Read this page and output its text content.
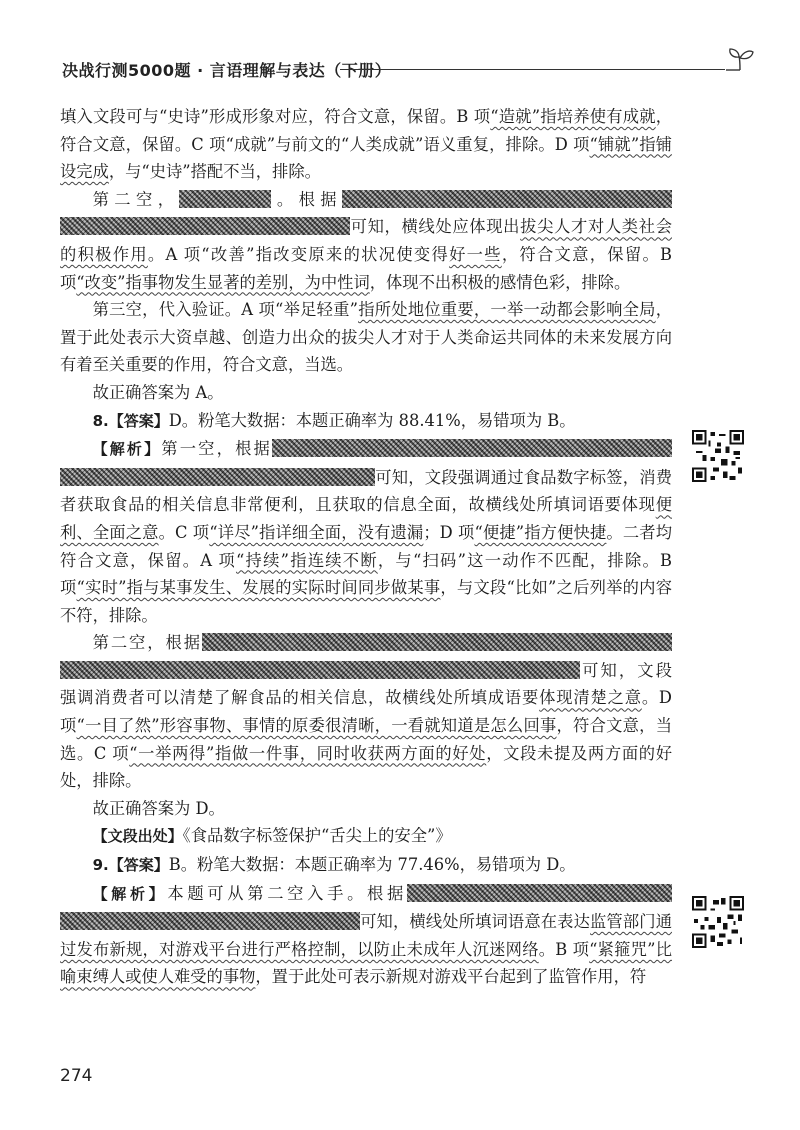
决战行测5000题 · 言语理解与表达（下册）

填入文段可与“史诗”形成形象对应，符合文意，保留。B 项“造就”指培养使有成就，符合文意，保留。C 项“成就”与前文的“人类成就”语义重复，排除。D 项“铺就”指铺设完成，与“史诗”搭配不当，排除。

第二空，	。根据可知，横线处应体现出拔尖人才对人类社会的积极作用。A 项“改善”指改变原来的状况使变得好一些，符合文意，保留。B 项“改变”指事物发生显著的差别，为中性词，体现不出积极的感情色彩，排除。

第三空，代入验证。A 项“举足轻重”指所处地位重要，一举一动都会影响全局，置于此处表示大资卓越、创造力出众的拔尖人才对于人类命运共同体的未来发展方向有着至关重要的作用，符合文意，当选。

故正确答案为 A。

8.【答案】D。粉笔大数据：本题正确率为 88.41%，易错项为 B。

【解析】第一空，根据可知，文段强调通过食品数字标签，消费者获取食品的相关信息非常便利，且获取的信息全面，故横线处所填词语要体现便利、全面之意。C 项“详尽”指详细全面，没有遗漏；D 项“便捷”指方便快捷。二者均符合文意，保留。A 项“持续”指连续不断，与“扫码”这一动作不匹配，排除。B 项“实时”指与某事发生、发展的实际时间同步做某事，与文段“比如”之后列举的内容不符，排除。

第二空，根据可知，文段强调消费者可以清楚了解食品的相关信息，故横线处所填成语要体现清楚之意。D 项“一目了然”形容事物、事情的原委很清晰，一看就知道是怎么回事，符合文意，当选。C 项“一举两得”指做一件事，同时收获两方面的好处，文段未提及两方面的好处，排除。

故正确答案为 D。

【文段出处】《食品数字标签保护“舌尖上的安全”》

9.【答案】B。粉笔大数据：本题正确率为 77.46%，易错项为 D。

【解析】本题可从第二空入手。根据可知，横线处所填词语意在表达监管部门通过发布新规，对游戏平台进行严格控制，以防止未成年人沉迷网络。B 项“紧箍咒”比喻束缚人或使人难受的事物，置于此处可表示新规对游戏平台起到了监管作用，符

274
